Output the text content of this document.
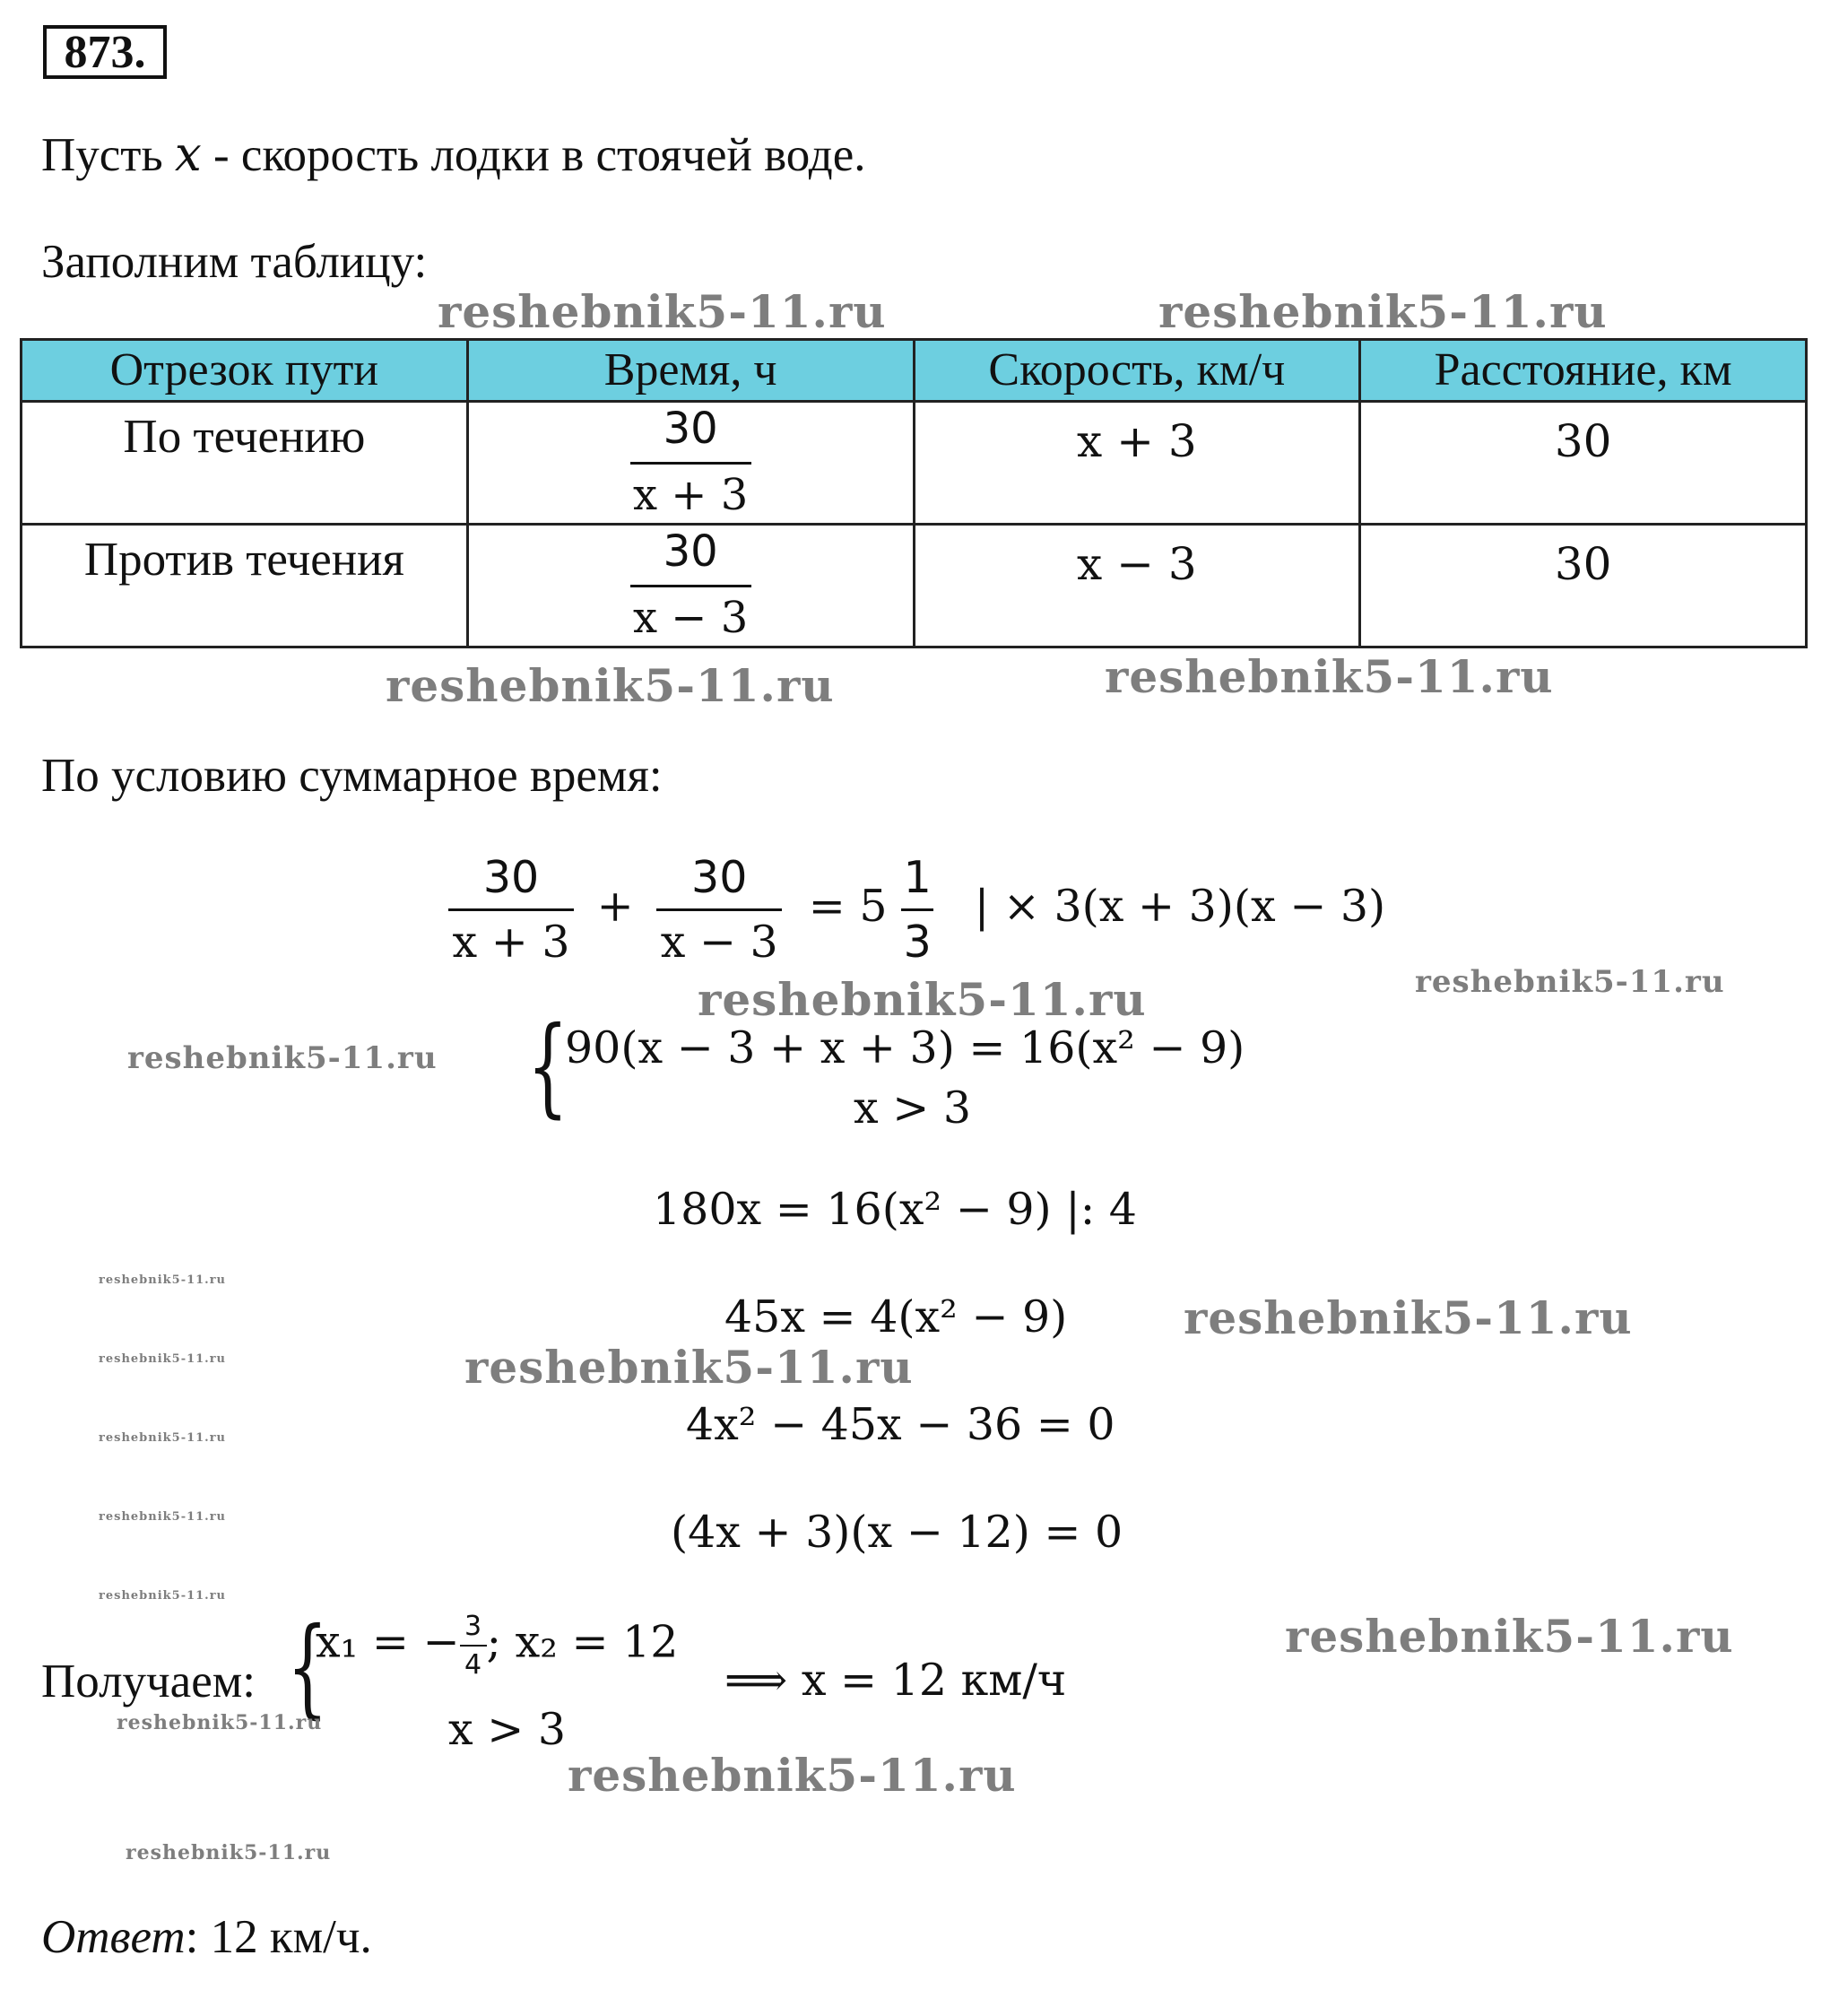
873.
Пусть x - скорость лодки в стоячей воде.
Заполним таблицу:
Отрезок пути	Время, ч	Скорость, км/ч	Расстояние, км

По течению	$\frac{30}{x + 3}$	x + 3	30

Против течения	$\frac{30}{x - 3}$	x − 3	30
По условию суммарное время:
$\frac{30}{x + 3} + \frac{30}{x - 3} = 5 \frac{1}{3}$ | × 3(x + 3)(x − 3)
{
90(x − 3 + x + 3) = 16(x² − 9)
x > 3
180x = 16(x² − 9) |: 4
45x = 4(x² − 9)
4x² − 45x − 36 = 0
(4x + 3)(x − 12) = 0
Получаем: {
x₁ = − $\frac{3}{4}$ ; x₂ = 12
x > 3
⟹ x = 12 км/ч
Ответ: 12 км/ч.
reshebnik5-11.ru	reshebnik5-11.ru
reshebnik5-11.ru	reshebnik5-11.ru
reshebnik5-11.ru	reshebnik5-11.ru
reshebnik5-11.ru
reshebnik5-11.ru
reshebnik5-11.ru
reshebnik5-11.ru
reshebnik5-11.ru
reshebnik5-11.ru
reshebnik5-11.ru
reshebnik5-11.ru
reshebnik5-11.ru
reshebnik5-11.ru
reshebnik5-11.ru
reshebnik5-11.ru
